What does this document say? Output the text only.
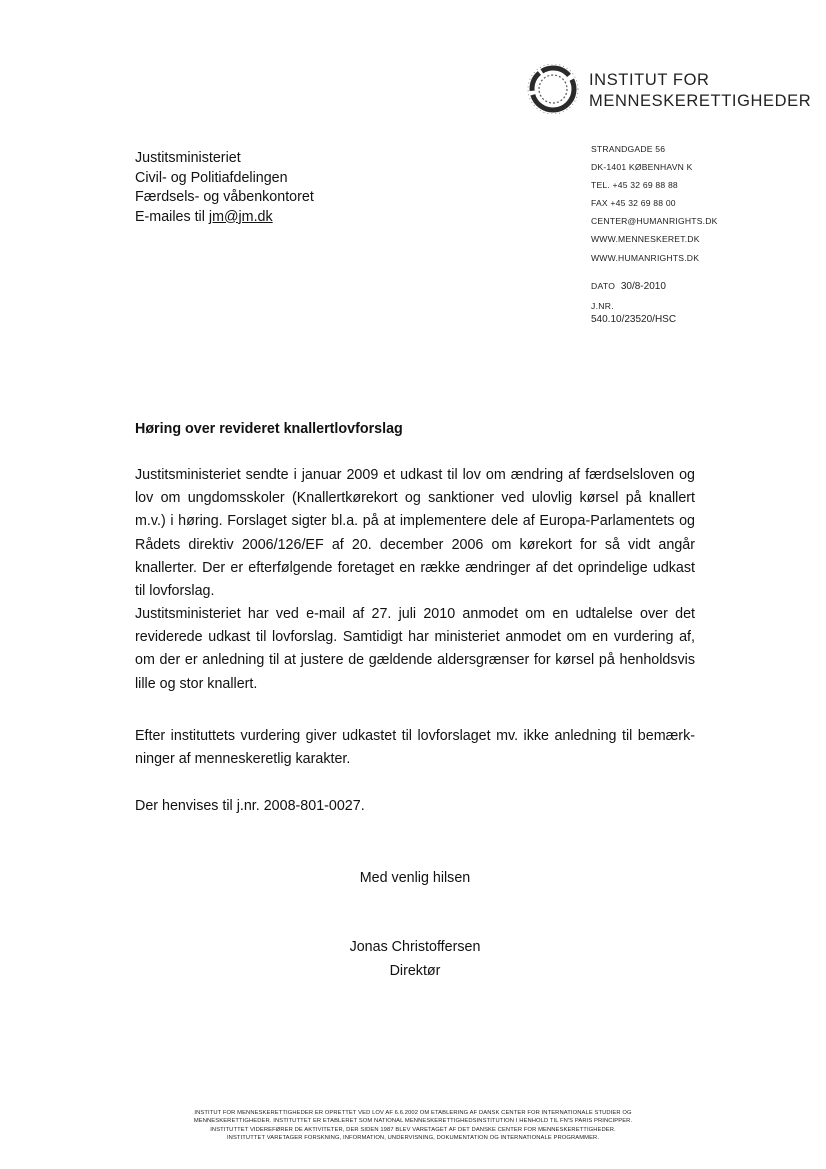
INSTITUT FOR
MENNESKERETTIGHEDER
Justitsministeriet
Civil- og Politiafdelingen
Færdsels- og våbenkontoret
E-mailes til jm@jm.dk
STRANDGADE 56
DK-1401 KØBENHAVN K
TEL. +45 32 69 88 88
FAX +45 32 69 88 00
CENTER@HUMANRIGHTS.DK
WWW.MENNESKERET.DK
WWW.HUMANRIGHTS.DK
DATO 30/8-2010
J.NR.
540.10/23520/HSC
Høring over revideret knallertlovforslag
Justitsministeriet sendte i januar 2009 et udkast til lov om ændring af færdselsloven og lov om ungdomsskoler (Knallertkørekort og sanktioner ved ulovlig kørsel på knallert m.v.) i høring. Forslaget sigter bl.a. på at implementere dele af Europa-Parlamentets og Rådets direktiv 2006/126/EF af 20. december 2006 om kørekort for så vidt angår knallerter. Der er efterfølgende foretaget en række ændringer af det oprindelige udkast til lovforslag.
Justitsministeriet har ved e-mail af 27. juli 2010 anmodet om en udtalelse over det reviderede udkast til lovforslag. Samtidigt har ministeriet anmodet om en vurdering af, om der er anledning til at justere de gældende aldersgrænser for kørsel på henholdsvis lille og stor knallert.
Efter instituttets vurdering giver udkastet til lovforslaget mv. ikke anledning til bemærkninger af menneskeretlig karakter.
Der henvises til j.nr. 2008-801-0027.
Med venlig hilsen
Jonas Christoffersen
Direktør
INSTITUT FOR MENNESKERETTIGHEDER ER OPRETTET VED LOV AF 6.6.2002 OM ETABLERING AF DANSK CENTER FOR INTERNATIONALE STUDIER OG
MENNESKERETTIGHEDER. INSTITUTTET ER ETABLERET SOM NATIONAL MENNESKERETTIGHEDSINSTITUTION I HENHOLD TIL FN'S PARIS PRINCIPPER.
INSTITUTTET VIDEREFØRER DE AKTIVITETER, DER SIDEN 1987 BLEV VARETAGET AF DET DANSKE CENTER FOR MENNESKERETTIGHEDER.
INSTITUTTET VARETAGER FORSKNING, INFORMATION, UNDERVISNING, DOKUMENTATION OG INTERNATIONALE PROGRAMMER.
